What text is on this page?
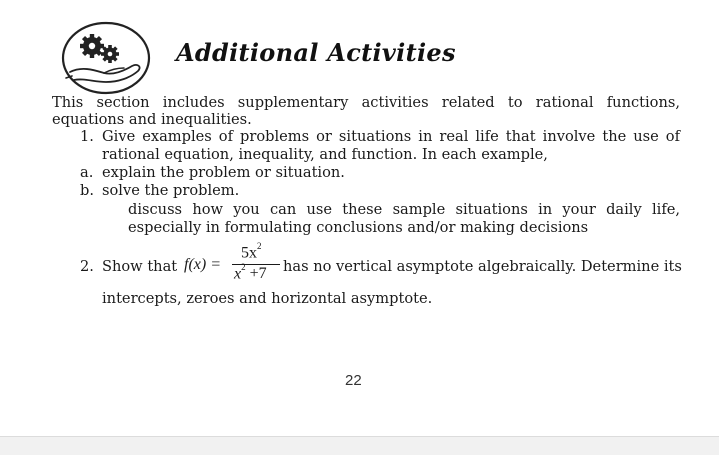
Additional Activities
This section includes supplementary activities related to rational functions,
equations and inequalities.
1. Give examples of problems or situations in real life that involve the use of
rational equation, inequality, and function. In each example,
a. explain the problem or situation.
b. solve the problem.
discuss how you can use these sample situations in your daily life,
especially in formulating conclusions and/or making decisions
2. Show that f(x) =
$5x^2$
$x^2 +7$ has no vertical asymptote algebraically. Determine its
intercepts, zeroes and horizontal asymptote.
22
